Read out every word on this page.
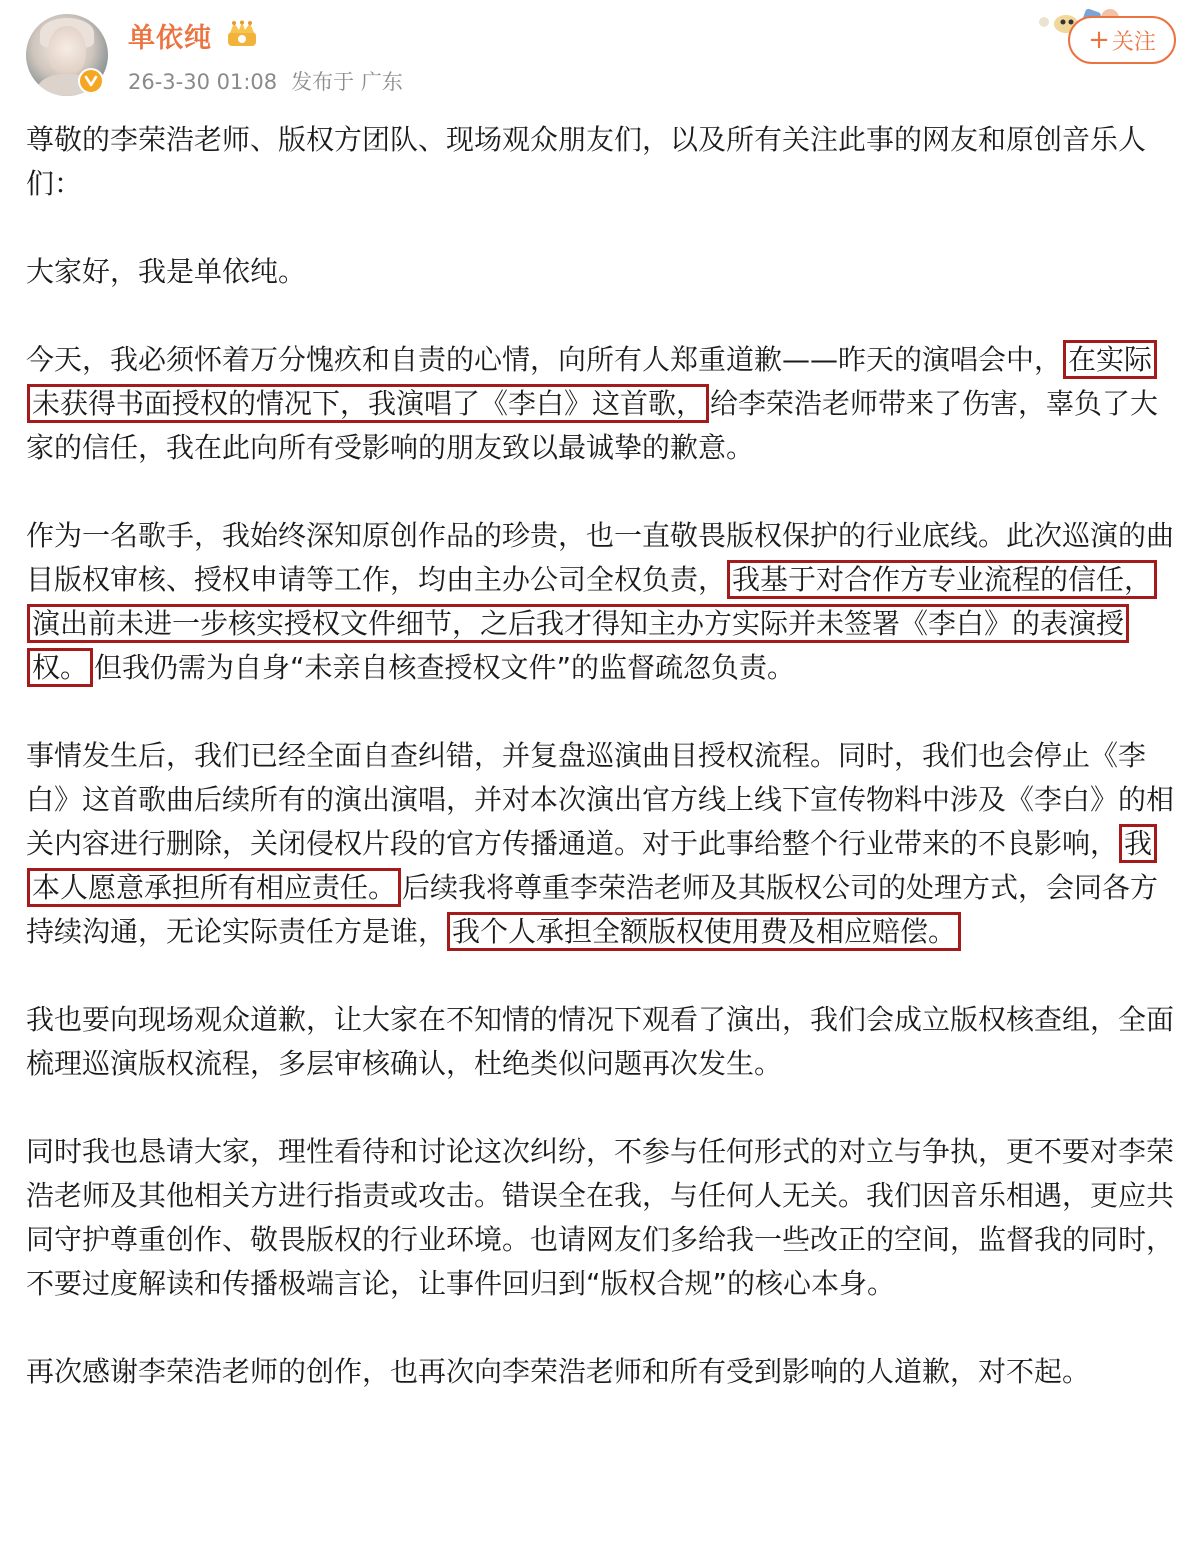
单依纯
26-3-30 01:08 发布于 广东
+ 关注

尊敬的李荣浩老师、版权方团队、现场观众朋友们，以及所有关注此事的网友和原创音乐人们：

大家好，我是单依纯。

今天，我必须怀着万分愧疚和自责的心情，向所有人郑重道歉——昨天的演唱会中， 在实际未获得书面授权的情况下，我演唱了《李白》这首歌， 给李荣浩老师带来了伤害，辜负了大家的信任，我在此向所有受影响的朋友致以最诚挚的歉意。

作为一名歌手，我始终深知原创作品的珍贵，也一直敬畏版权保护的行业底线。此次巡演的曲目版权审核、授权申请等工作，均由主办公司全权负责， 我基于对合作方专业流程的信任，演出前未进一步核实授权文件细节，之后我才得知主办方实际并未签署《李白》的表演授权。 但我仍需为自身“未亲自核查授权文件”的监督疏忽负责。

事情发生后，我们已经全面自查纠错，并复盘巡演曲目授权流程。同时，我们也会停止《李白》这首歌曲后续所有的演出演唱，并对本次演出官方线上线下宣传物料中涉及《李白》的相关内容进行删除，关闭侵权片段的官方传播通道。对于此事给整个行业带来的不良影响， 我本人愿意承担所有相应责任。 后续我将尊重李荣浩老师及其版权公司的处理方式，会同各方持续沟通，无论实际责任方是谁， 我个人承担全额版权使用费及相应赔偿。

我也要向现场观众道歉，让大家在不知情的情况下观看了演出，我们会成立版权核查组，全面梳理巡演版权流程，多层审核确认，杜绝类似问题再次发生。

同时我也恳请大家，理性看待和讨论这次纠纷，不参与任何形式的对立与争执，更不要对李荣浩老师及其他相关方进行指责或攻击。错误全在我，与任何人无关。我们因音乐相遇，更应共同守护尊重创作、敬畏版权的行业环境。也请网友们多给我一些改正的空间，监督我的同时，不要过度解读和传播极端言论，让事件回归到“版权合规”的核心本身。

再次感谢李荣浩老师的创作，也再次向李荣浩老师和所有受到影响的人道歉，对不起。
